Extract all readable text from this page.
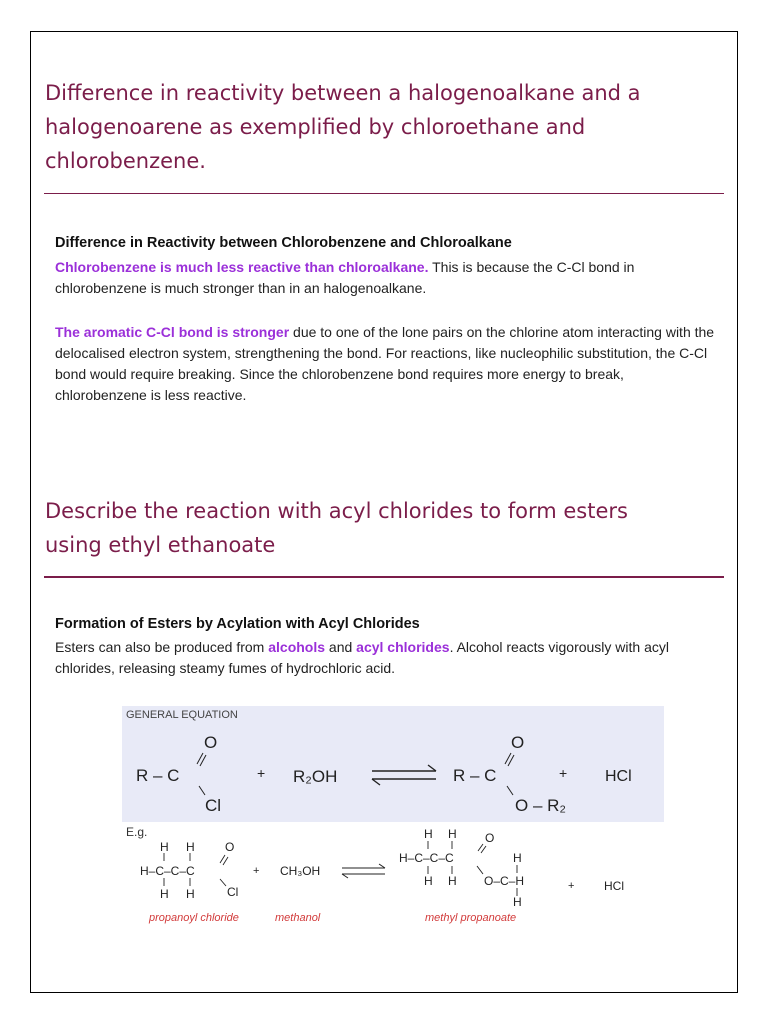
Difference in reactivity between a halogenoalkane and a halogenoarene as exemplified by chloroethane and chlorobenzene.

Difference in Reactivity between Chlorobenzene and Chloroalkane

Chlorobenzene is much less reactive than chloroalkane. This is because the C-Cl bond in chlorobenzene is much stronger than in an halogenoalkane.

The aromatic C-Cl bond is stronger due to one of the lone pairs on the chlorine atom interacting with the delocalised electron system, strengthening the bond. For reactions, like nucleophilic substitution, the C-Cl bond would require breaking. Since the chlorobenzene bond requires more energy to break, chlorobenzene is less reactive.

Describe the reaction with acyl chlorides to form esters using ethyl ethanoate

Formation of Esters by Acylation with Acyl Chlorides

Esters can also be produced from alcohols and acyl chlorides. Alcohol reacts vigorously with acyl chlorides, releasing steamy fumes of hydrochloric acid.

GENERAL EQUATION
R – C
O
Cl
+ R₂OH	R – C
O
O – R₂
+ HCl
E.g.
H H	O
H–C–C–C
H H	Cl
+ CH₃OH
H H O
H–C–C–C	H
H H O–C–H
H
+ HCl
propanoyl chloride	methanol	methyl propanoate
